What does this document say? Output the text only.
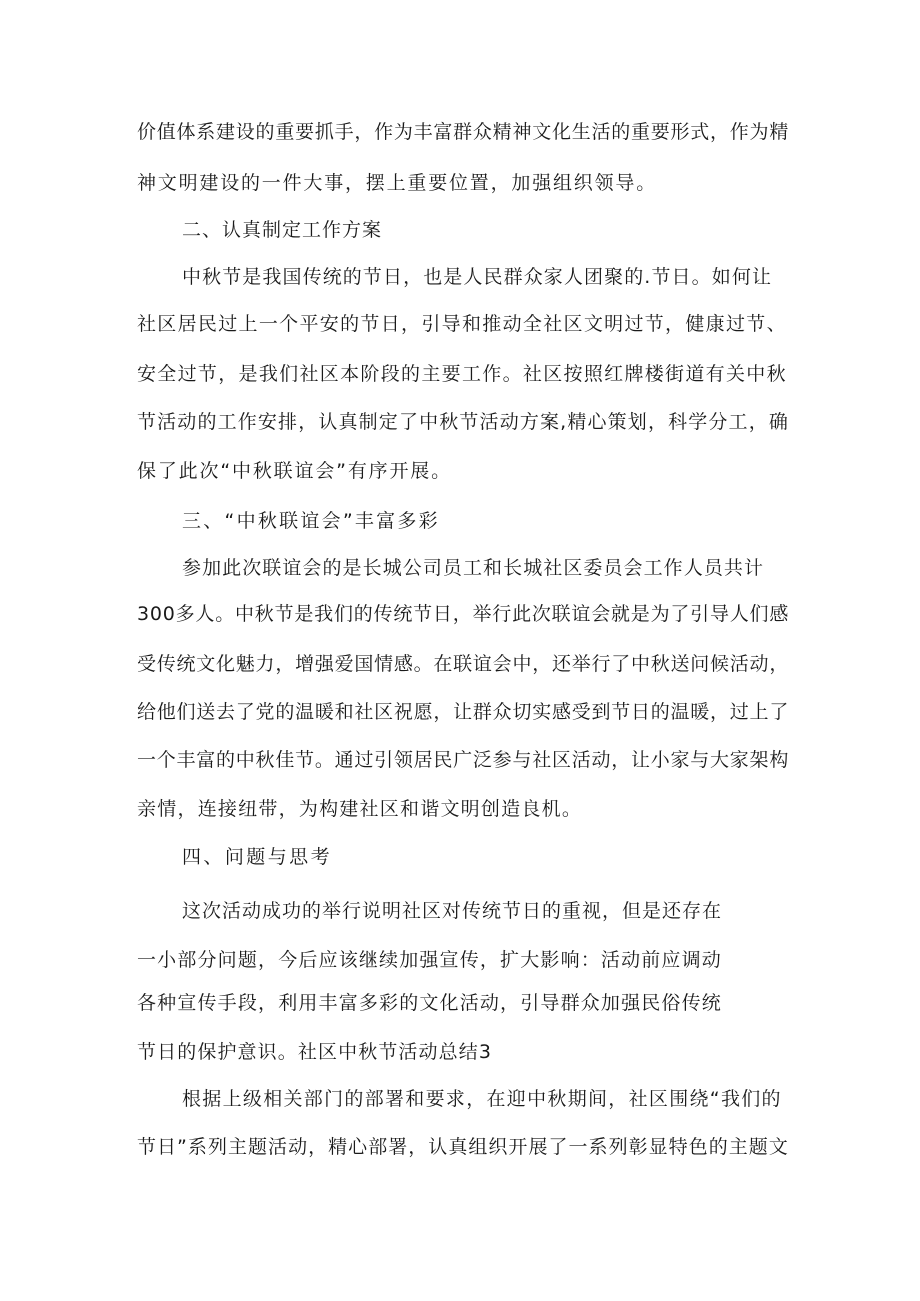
价值体系建设的重要抓手，作为丰富群众精神文化生活的重要形式，作为精
神文明建设的一件大事，摆上重要位置，加强组织领导。
二、认真制定工作方案
中秋节是我国传统的节日，也是人民群众家人团聚的.节日。如何让
社区居民过上一个平安的节日，引导和推动全社区文明过节，健康过节、
安全过节，是我们社区本阶段的主要工作。社区按照红牌楼街道有关中秋
节活动的工作安排，认真制定了中秋节活动方案,精心策划，科学分工，确
保了此次“中秋联谊会”有序开展。
三、“中秋联谊会”丰富多彩
参加此次联谊会的是长城公司员工和长城社区委员会工作人员共计
300多人。中秋节是我们的传统节日，举行此次联谊会就是为了引导人们感
受传统文化魅力，增强爱国情感。在联谊会中，还举行了中秋送问候活动，
给他们送去了党的温暖和社区祝愿，让群众切实感受到节日的温暖，过上了
一个丰富的中秋佳节。通过引领居民广泛参与社区活动，让小家与大家架构
亲情，连接纽带，为构建社区和谐文明创造良机。
四、问题与思考
这次活动成功的举行说明社区对传统节日的重视，但是还存在
一小部分问题，今后应该继续加强宣传，扩大影响：活动前应调动
各种宣传手段，利用丰富多彩的文化活动，引导群众加强民俗传统
节日的保护意识。社区中秋节活动总结3
根据上级相关部门的部署和要求，在迎中秋期间，社区围绕“我们的
节日”系列主题活动，精心部署，认真组织开展了一系列彰显特色的主题文
